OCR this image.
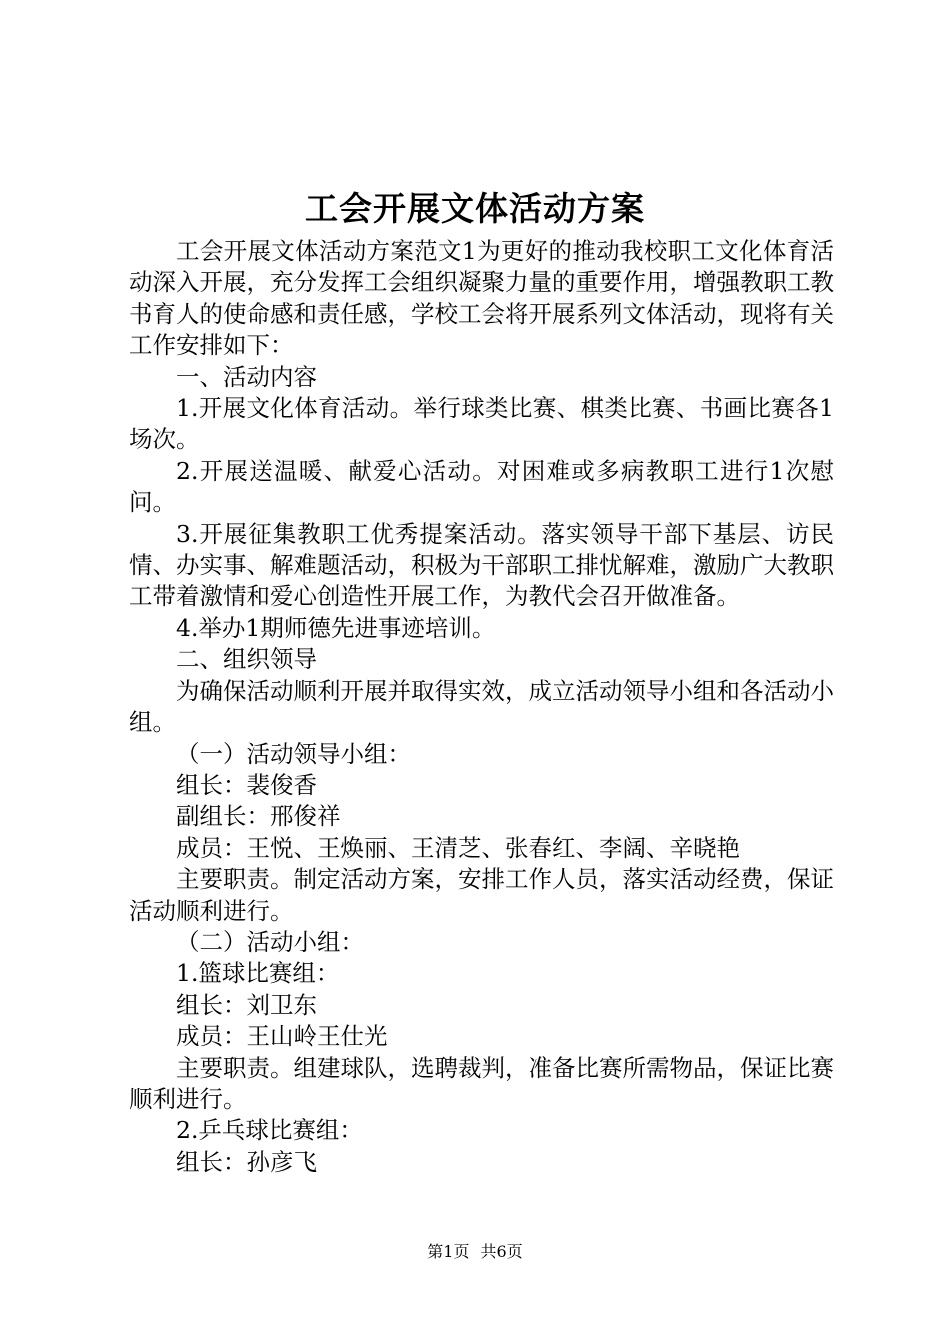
工会开展文体活动方案

工会开展文体活动方案范文1为更好的推动我校职工文化体育活动深入开展，充分发挥工会组织凝聚力量的重要作用，增强教职工教书育人的使命感和责任感，学校工会将开展系列文体活动，现将有关工作安排如下：

一、活动内容

1.开展文化体育活动。举行球类比赛、棋类比赛、书画比赛各1场次。

2.开展送温暖、献爱心活动。对困难或多病教职工进行1次慰问。

3.开展征集教职工优秀提案活动。落实领导干部下基层、访民情、办实事、解难题活动，积极为干部职工排忧解难，激励广大教职工带着激情和爱心创造性开展工作，为教代会召开做准备。

4.举办1期师德先进事迹培训。

二、组织领导

为确保活动顺利开展并取得实效，成立活动领导小组和各活动小组。

（一）活动领导小组：

组长：裴俊香

副组长：邢俊祥

成员：王悦、王焕丽、王清芝、张春红、李阔、辛晓艳

主要职责。制定活动方案，安排工作人员，落实活动经费，保证活动顺利进行。

（二）活动小组：

1.篮球比赛组：

组长：刘卫东

成员：王山岭王仕光

主要职责。组建球队，选聘裁判，准备比赛所需物品，保证比赛顺利进行。

2.乒乓球比赛组：

组长：孙彦飞

第1页 共6页
